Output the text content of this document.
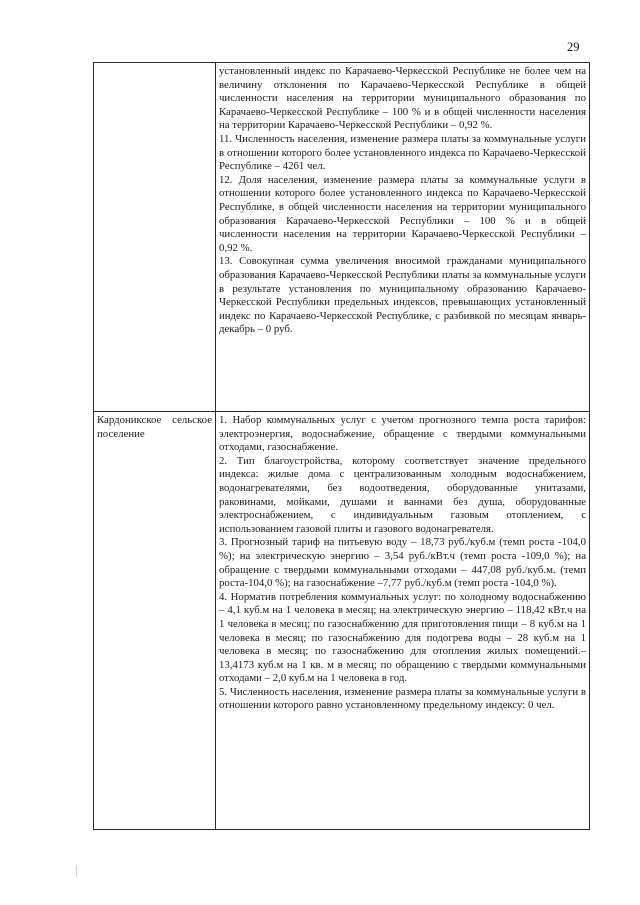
29

	установленный индекс по Карачаево-Черкесской Республике не более чем на величину отклонения по Карачаево-Черкесской Республике в общей численности населения на территории муниципального образования по Карачаево-Черкесской Республике – 100 % и в общей численности населения на территории Карачаево-Черкесской Республики – 0,92 %.

11. Численность населения, изменение размера платы за коммунальные услуги в отношении которого более установленного индекса по Карачаево-Черкесской Республике – 4261 чел.

12. Доля населения, изменение размера платы за коммунальные услуги в отношении которого более установленного индекса по Карачаево-Черкесской Республике, в общей численности населения на территории муниципального образования Карачаево-Черкесской Республики – 100 % и в общей численности населения на территории Карачаево-Черкесской Республики – 0,92 %.

13. Совокупная сумма увеличения вносимой гражданами муниципального образования Карачаево-Черкесской Республики платы за коммунальные услуги в результате установления по муниципальному образованию Карачаево-Черкесской Республики предельных индексов, превышающих установленный индекс по Карачаево-Черкесской Республике, с разбивкой по месяцам январь-декабрь – 0 руб.

Кардоникское сельское поселение	1. Набор коммунальных услуг с учетом прогнозного темпа роста тарифов: электроэнергия, водоснабжение, обращение с твердыми коммунальными отходами, газоснабжение.

2. Тип благоустройства, которому соответствует значение предельного индекса: жилые дома с централизованным холодным водоснабжением, водонагревателями, без водоотведения, оборудованные унитазами, раковинами, мойками, душами и ваннами без душа, оборудованные электроснабжением, с индивидуальным газовым отоплением, с использованием газовой плиты и газового водонагревателя.

3. Прогнозный тариф на питьевую воду – 18,73 руб./куб.м (темп роста -104,0 %); на электрическую энергию – 3,54 руб./кВт.ч (темп роста -109,0 %); на обращение с твердыми коммунальными отходами – 447,08 руб./куб.м. (темп роста-104,0 %); на газоснабжение –7,77 руб./куб.м (темп роста -104,0 %).

4. Норматив потребления коммунальных услуг: по холодному водоснабжению – 4,1 куб.м на 1 человека в месяц; на электрическую энергию – 118,42 кВт.ч на 1 человека в месяц; по газоснабжению для приготовления пищи – 8 куб.м на 1 человека в месяц; по газоснабжению для подогрева воды – 28 куб.м на 1 человека в месяц; по газоснабжению для отопления жилых помещений.– 13,4173 куб.м на 1 кв. м в месяц; по обращению с твердыми коммунальными отходами – 2,0 куб.м на 1 человека в год.

5. Численность населения, изменение размера платы за коммунальные услуги в отношении которого равно установленному предельному индексу: 0 чел.
